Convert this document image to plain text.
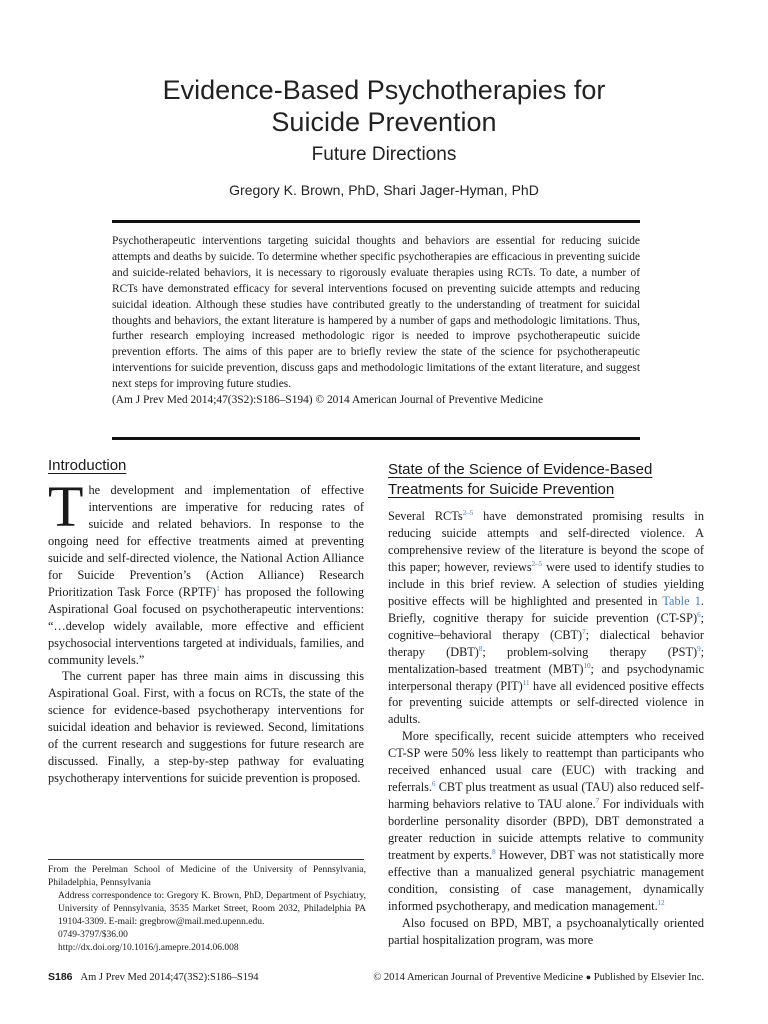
Evidence-Based Psychotherapies for
Suicide Prevention
Future Directions
Gregory K. Brown, PhD, Shari Jager-Hyman, PhD
Psychotherapeutic interventions targeting suicidal thoughts and behaviors are essential for reducing suicide attempts and deaths by suicide. To determine whether specific psychotherapies are efficacious in preventing suicide and suicide-related behaviors, it is necessary to rigorously evaluate therapies using RCTs. To date, a number of RCTs have demonstrated efficacy for several interventions focused on preventing suicide attempts and reducing suicidal ideation. Although these studies have contributed greatly to the understanding of treatment for suicidal thoughts and behaviors, the extant literature is hampered by a number of gaps and methodologic limitations. Thus, further research employing increased methodologic rigor is needed to improve psychotherapeutic suicide prevention efforts. The aims of this paper are to briefly review the state of the science for psychotherapeutic interventions for suicide prevention, discuss gaps and methodologic limitations of the extant literature, and suggest next steps for improving future studies.
(Am J Prev Med 2014;47(3S2):S186–S194) © 2014 American Journal of Preventive Medicine
Introduction

The development and implementation of effective interventions are imperative for reducing rates of suicide and related behaviors. In response to the ongoing need for effective treatments aimed at preventing suicide and self-directed violence, the National Action Alliance for Suicide Prevention’s (Action Alliance) Research Prioritization Task Force (RPTF)$^1$ has proposed the following Aspirational Goal focused on psychotherapeutic interventions: “…develop widely available, more effective and efficient psychosocial interventions targeted at individuals, families, and community levels.”

The current paper has three main aims in discussing this Aspirational Goal. First, with a focus on RCTs, the state of the science for evidence-based psychotherapy interventions for suicidal ideation and behavior is reviewed. Second, limitations of the current research and suggestions for future research are discussed. Finally, a step-by-step pathway for evaluating psychotherapy interventions for suicide prevention is proposed.

State of the Science of Evidence-Based
Treatments for Suicide Prevention

Several RCTs$^{2-5}$ have demonstrated promising results in reducing suicide attempts and self-directed violence. A comprehensive review of the literature is beyond the scope of this paper; however, reviews$^{2-5}$ were used to identify studies to include in this brief review. A selection of studies yielding positive effects will be highlighted and presented in Table 1. Briefly, cognitive therapy for suicide prevention $(CT-SP)^6$; cognitive–behavioral therapy (CBT)$^7$; dialectical behavior therapy (DBT)$^8$; problem-solving therapy (PST)$^9$; mentalization-based treatment (MBT)$^{10}$; and psychodynamic interpersonal therapy (PIT)$^{11}$ have all evidenced positive effects for preventing suicide attempts or self-directed violence in adults.

More specifically, recent suicide attempters who received CT-SP were 50% less likely to reattempt than participants who received enhanced usual care (EUC) with tracking and referrals.$^6$ CBT plus treatment as usual (TAU) also reduced self-harming behaviors relative to TAU alone.$^7$ For individuals with borderline personality disorder (BPD), DBT demonstrated a greater reduction in suicide attempts relative to community treatment by experts.$^8$ However, DBT was not statistically more effective than a manualized general psychiatric management condition, consisting of case management, dynamically informed psychotherapy, and medication management.$^{12}$

Also focused on BPD, MBT, a psychoanalytically oriented partial hospitalization program, was more

From the Perelman School of Medicine of the University of Pennsylvania, Philadelphia, Pennsylvania
Address correspondence to: Gregory K. Brown, PhD, Department of Psychiatry, University of Pennsylvania, 3535 Market Street, Room 2032, Philadelphia PA 19104-3309. E-mail: gregbrow@mail.med.upenn.edu.
0749-3797/$36.00
http://dx.doi.org/10.1016/j.amepre.2014.06.008
S186 Am J Prev Med 2014;47(3S2):S186–S194	© 2014 American Journal of Preventive Medicine ● Published by Elsevier Inc.
